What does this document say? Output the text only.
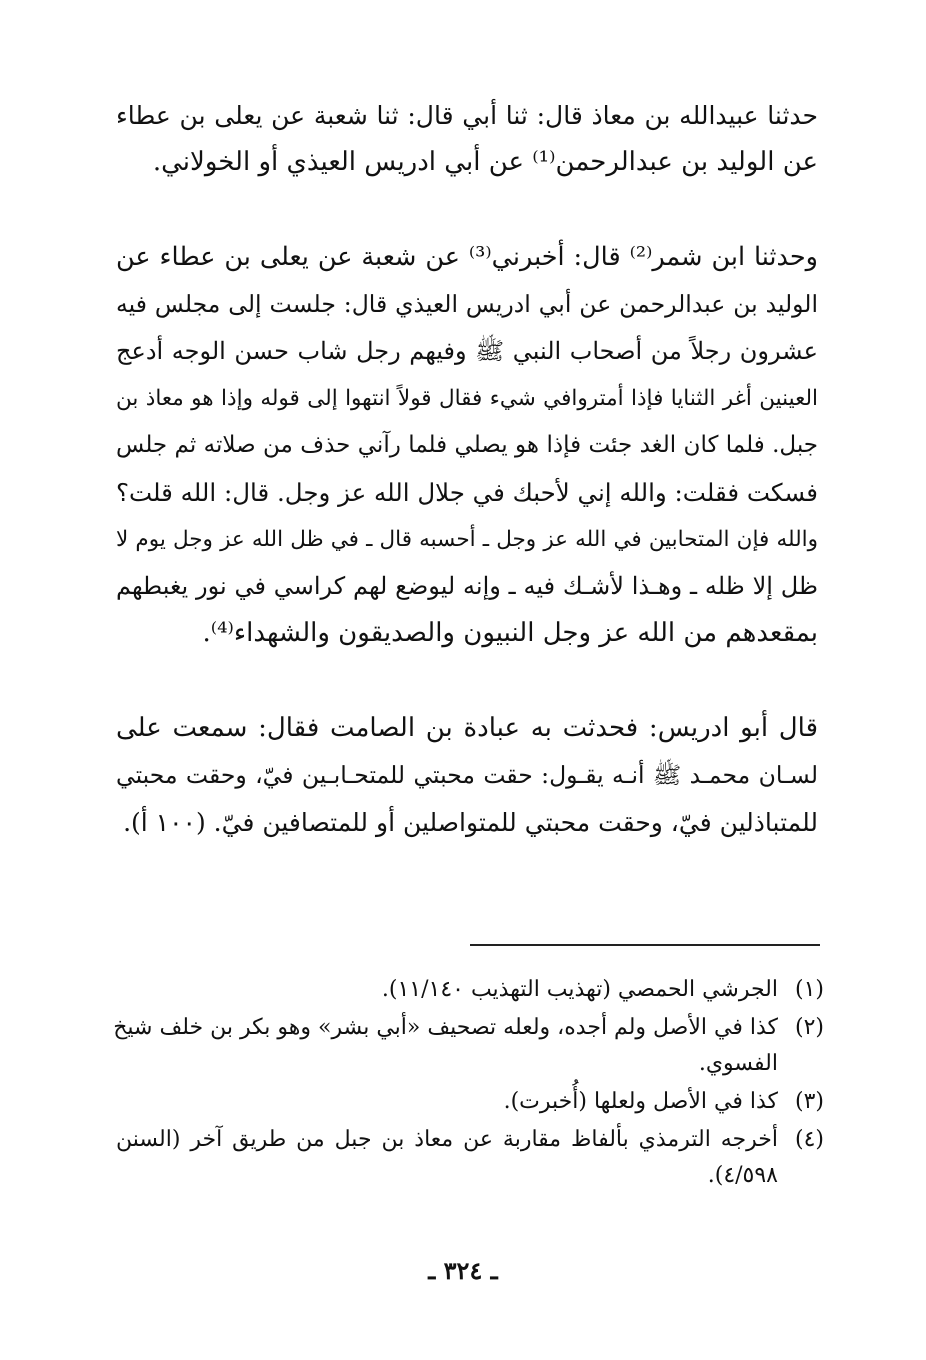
حدثنا عبيدالله بن معاذ قال: ثنا أبي قال: ثنا شعبة عن يعلى بن عطاء
عن الوليد بن عبدالرحمن⁽¹⁾ عن أبي ادريس العيذي أو الخولاني.

وحدثنا ابن شمر⁽²⁾ قال: أخبرني⁽³⁾ عن شعبة عن يعلى بن عطاء عن
الوليد بن عبدالرحمن عن أبي ادريس العيذي قال: جلست إلى مجلس فيه
عشرون رجلاً من أصحاب النبي ﷺ وفيهم رجل شاب حسن الوجه أدعج
العينين أغر الثنايا فإذا أمتروافي شيء فقال قولاً انتهوا إلى قوله وإذا هو معاذ بن
جبل. فلما كان الغد جئت فإذا هو يصلي فلما رآني حذف من صلاته ثم جلس
فسكت فقلت: والله إني لأحبك في جلال الله عز وجل. قال: الله قلت؟
والله فإن المتحابين في الله عز وجل ـ أحسبه قال ـ في ظل الله عز وجل يوم لا
ظل إلا ظله ـ وهـذا لأشـك فيه ـ وإنه ليوضع لهم كراسي في نور يغبطهم
بمقعدهم من الله عز وجل النبيون والصديقون والشهداء⁽⁴⁾.

قال أبو ادريس: فحدثت به عبادة بن الصامت فقال: سمعت على
لسـان محمـد ﷺ أنـه يقـول: حقت محبتي للمتحـابـين فيّ، وحقت محبتي
للمتباذلين فيّ، وحقت محبتي للمتواصلين أو للمتصافين فيّ. (١٠٠ أ).

(١)
الجرشي الحمصي (تهذيب التهذيب ١١/١٤٠).
(٢)
كذا في الأصل ولم أجده، ولعله تصحيف «أبي بشر» وهو بكر بن خلف شيخ
الفسوي.
(٣)
كذا في الأصل ولعلها (أُخبرت).
(٤)
أخرجه الترمذي بألفاظ مقاربة عن معاذ بن جبل من طريق آخر (السنن
٤/٥٩٨).
ـ ٣٢٤ ـ
